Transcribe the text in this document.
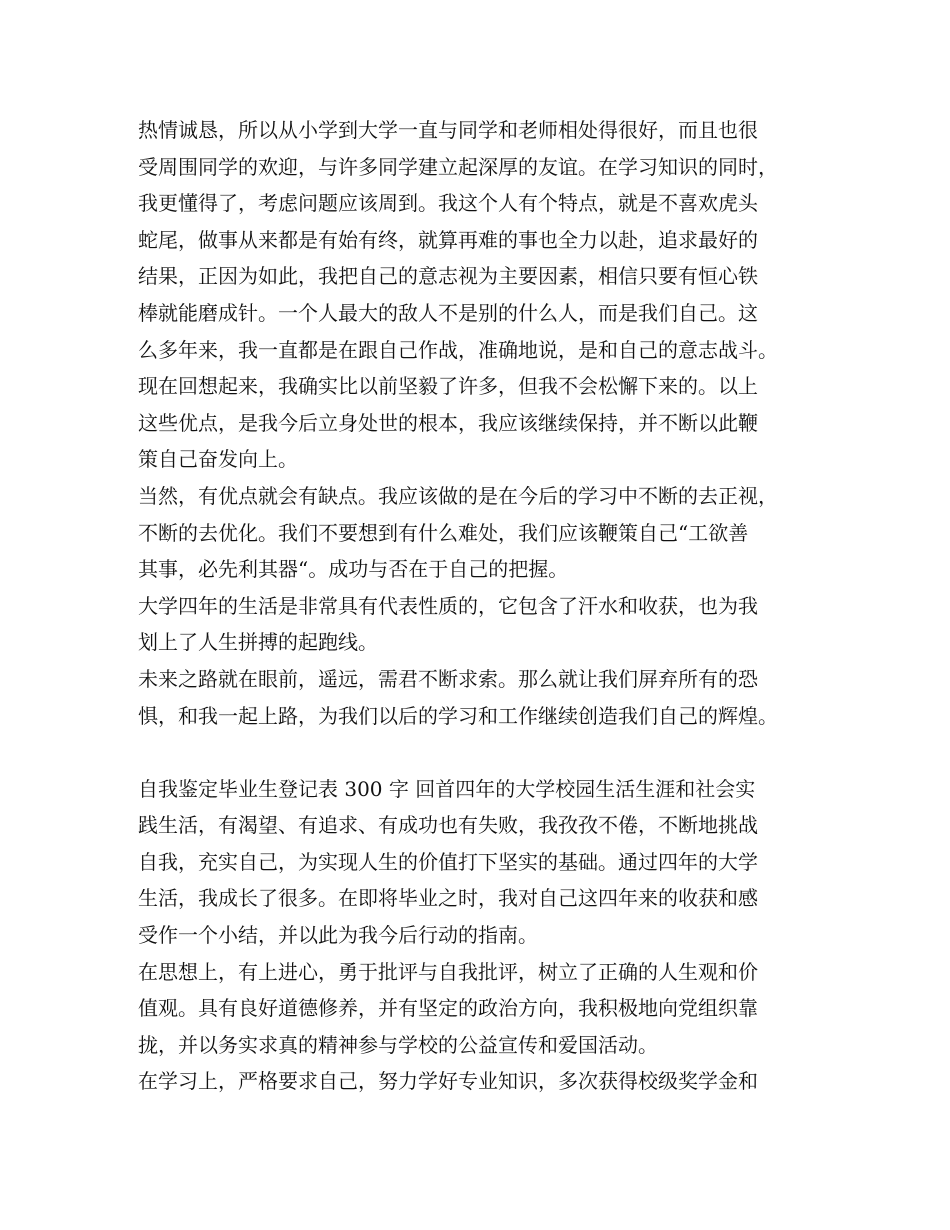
热情诚恳，所以从小学到大学一直与同学和老师相处得很好，而且也很
受周围同学的欢迎，与许多同学建立起深厚的友谊。在学习知识的同时，
我更懂得了，考虑问题应该周到。我这个人有个特点，就是不喜欢虎头
蛇尾，做事从来都是有始有终，就算再难的事也全力以赴，追求最好的
结果，正因为如此，我把自己的意志视为主要因素，相信只要有恒心铁
棒就能磨成针。一个人最大的敌人不是别的什么人，而是我们自己。这
么多年来，我一直都是在跟自己作战，准确地说，是和自己的意志战斗。
现在回想起来，我确实比以前坚毅了许多，但我不会松懈下来的。以上
这些优点，是我今后立身处世的根本，我应该继续保持，并不断以此鞭
策自己奋发向上。
当然，有优点就会有缺点。我应该做的是在今后的学习中不断的去正视，
不断的去优化。我们不要想到有什么难处，我们应该鞭策自己“工欲善
其事，必先利其器“。成功与否在于自己的把握。
大学四年的生活是非常具有代表性质的，它包含了汗水和收获，也为我
划上了人生拼搏的起跑线。
未来之路就在眼前，遥远，需君不断求索。那么就让我们屏弃所有的恐
惧，和我一起上路，为我们以后的学习和工作继续创造我们自己的辉煌。
自我鉴定毕业生登记表 300 字 回首四年的大学校园生活生涯和社会实
践生活，有渴望、有追求、有成功也有失败，我孜孜不倦，不断地挑战
自我，充实自己，为实现人生的价值打下坚实的基础。通过四年的大学
生活，我成长了很多。在即将毕业之时，我对自己这四年来的收获和感
受作一个小结，并以此为我今后行动的指南。
在思想上，有上进心，勇于批评与自我批评，树立了正确的人生观和价
值观。具有良好道德修养，并有坚定的政治方向，我积极地向党组织靠
拢，并以务实求真的精神参与学校的公益宣传和爱国活动。
在学习上，严格要求自己，努力学好专业知识，多次获得校级奖学金和
